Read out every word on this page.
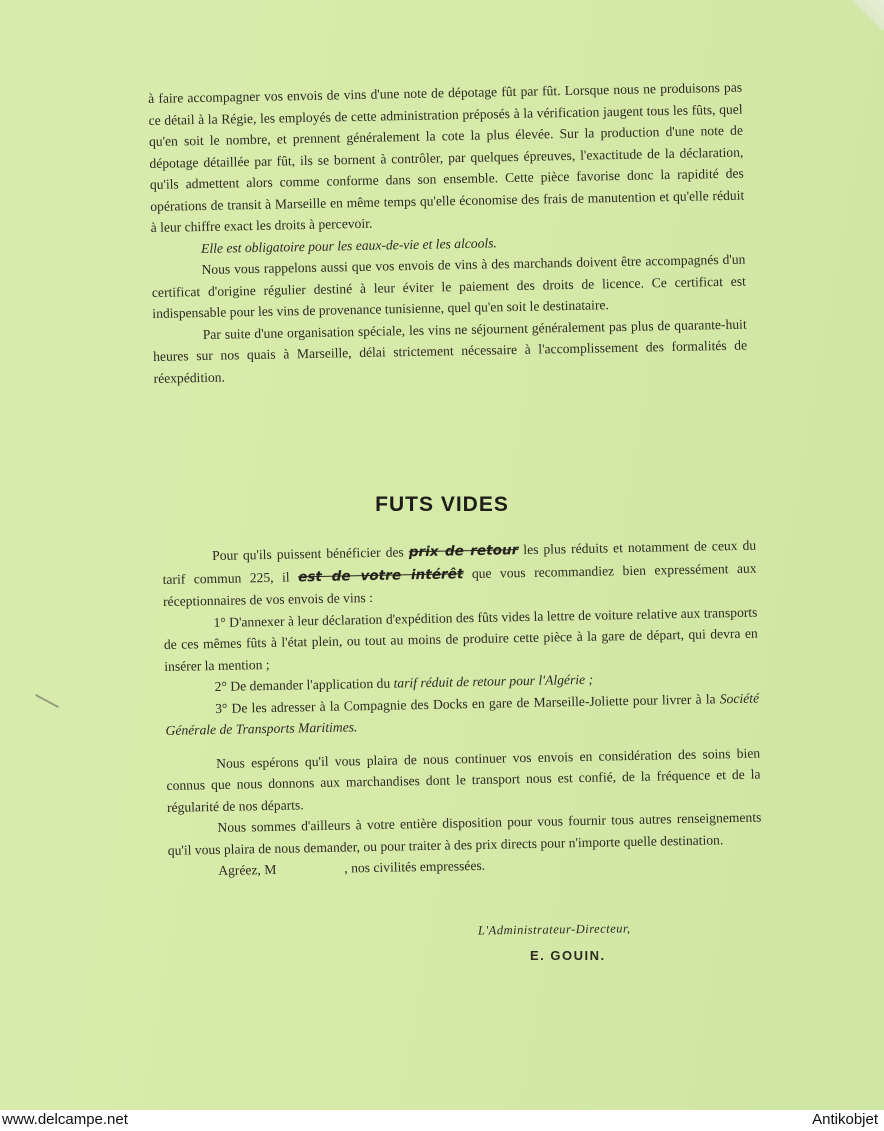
à faire accompagner vos envois de vins d'une note de dépotage fût par fût. Lorsque nous ne produisons pas ce détail à la Régie, les employés de cette administration préposés à la vérification jaugent tous les fûts, quel qu'en soit le nombre, et prennent généralement la cote la plus élevée. Sur la production d'une note de dépotage détaillée par fût, ils se bornent à contrôler, par quelques épreuves, l'exactitude de la déclaration, qu'ils admettent alors comme conforme dans son ensemble. Cette pièce favorise donc la rapidité des opérations de transit à Marseille en même temps qu'elle économise des frais de manutention et qu'elle réduit à leur chiffre exact les droits à percevoir.

Elle est obligatoire pour les eaux-de-vie et les alcools.

Nous vous rappelons aussi que vos envois de vins à des marchands doivent être accompagnés d'un certificat d'origine régulier destiné à leur éviter le paiement des droits de licence. Ce certificat est indispensable pour les vins de provenance tunisienne, quel qu'en soit le destinataire.

Par suite d'une organisation spéciale, les vins ne séjournent généralement pas plus de quarante-huit heures sur nos quais à Marseille, délai strictement nécessaire à l'accomplissement des formalités de réexpédition.

FUTS VIDES

Pour qu'ils puissent bénéficier des prix de retour les plus réduits et notamment de ceux du tarif commun 225, il est de votre intérêt que vous recommandiez bien expressément aux réceptionnaires de vos envois de vins :

1° D'annexer à leur déclaration d'expédition des fûts vides la lettre de voiture relative aux transports de ces mêmes fûts à l'état plein, ou tout au moins de produire cette pièce à la gare de départ, qui devra en insérer la mention ;

2° De demander l'application du tarif réduit de retour pour l'Algérie ;

3° De les adresser à la Compagnie des Docks en gare de Marseille-Joliette pour livrer à la Société Générale de Transports Maritimes.

Nous espérons qu'il vous plaira de nous continuer vos envois en considération des soins bien connus que nous donnons aux marchandises dont le transport nous est confié, de la fréquence et de la régularité de nos départs.

Nous sommes d'ailleurs à votre entière disposition pour vous fournir tous autres renseignements qu'il vous plaira de nous demander, ou pour traiter à des prix directs pour n'importe quelle destination.

Agréez, M                    , nos civilités empressées.

L'Administrateur-Directeur,
E. GOUIN.
www.delcampe.net	Antikobjet
